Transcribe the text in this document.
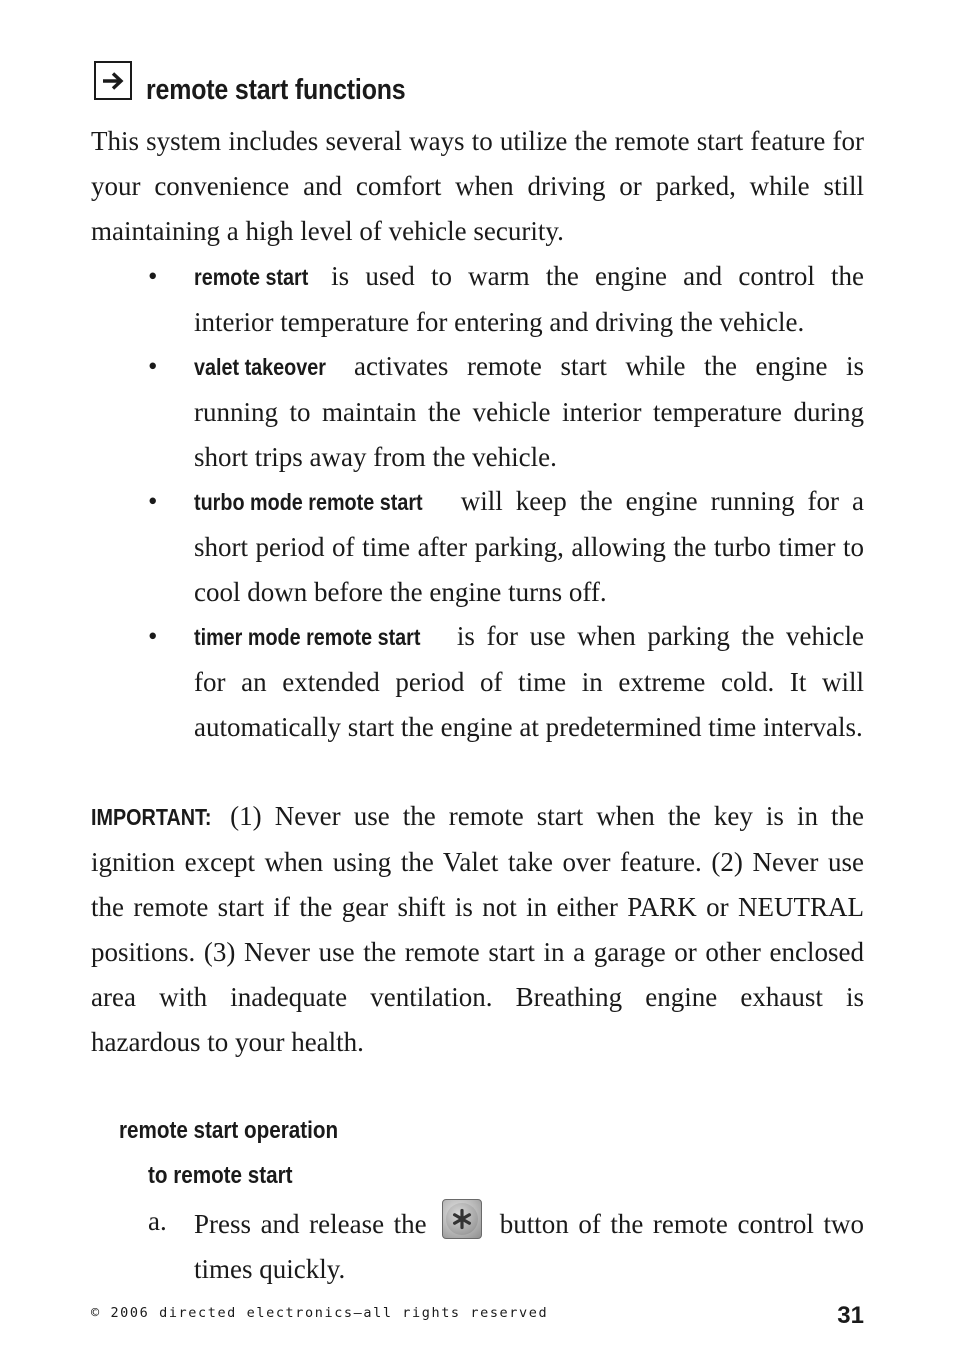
remote start functions
This system includes several ways to utilize the remote start feature for your convenience and comfort when driving or parked, while still maintaining a high level of vehicle security.
• remote start is used to warm the engine and control the interior temperature for entering and driving the vehicle.
• valet takeover activates remote start while the engine is running to maintain the vehicle interior temperature during short trips away from the vehicle.
• turbo mode remote start will keep the engine running for a short period of time after parking, allowing the turbo timer to cool down before the engine turns off.
• timer mode remote start is for use when parking the vehicle for an extended period of time in extreme cold. It will automatically start the engine at predetermined time intervals.
IMPORTANT: (1) Never use the remote start when the key is in the ignition except when using the Valet take over feature. (2) Never use the remote start if the gear shift is not in either PARK or NEUTRAL positions. (3) Never use the remote start in a garage or other enclosed area with inadequate ventilation. Breathing engine exhaust is hazardous to your health.
remote start operation
to remote start
a. Press and release the
button of the remote control two times quickly.
© 2006 directed electronics—all rights reserved	31
